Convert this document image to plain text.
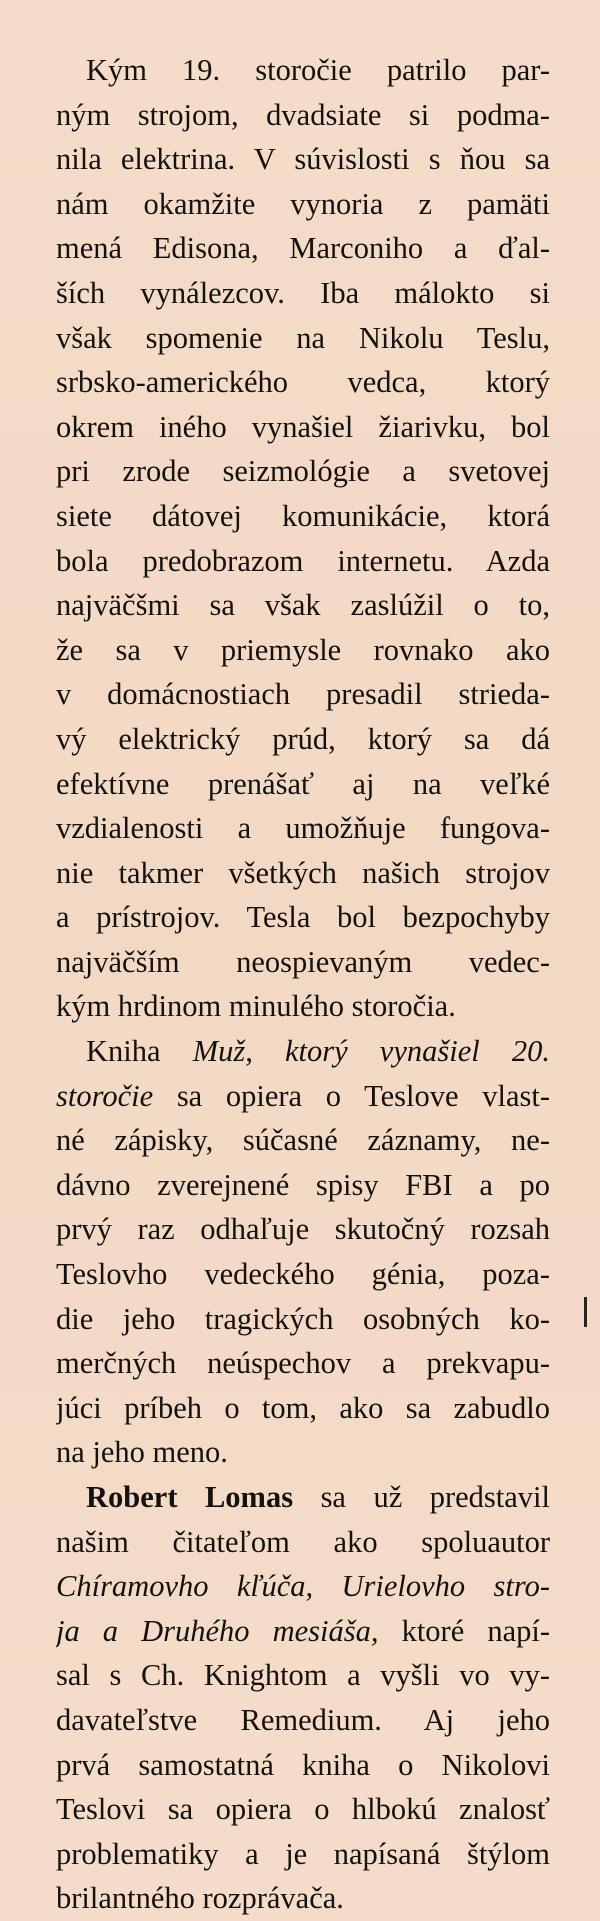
Kým 19. storočie patrilo par-
ným strojom, dvadsiate si podma-
nila elektrina. V súvislosti s ňou sa
nám okamžite vynoria z pamäti
mená Edisona, Marconiho a ďal-
ších vynálezcov. Iba málokto si
však spomenie na Nikolu Teslu,
srbsko-amerického vedca, ktorý
okrem iného vynašiel žiarivku, bol
pri zrode seizmológie a svetovej
siete dátovej komunikácie, ktorá
bola predobrazom internetu. Azda
najväčšmi sa však zaslúžil o to,
že sa v priemysle rovnako ako
v domácnostiach presadil strieda-
vý elektrický prúd, ktorý sa dá
efektívne prenášať aj na veľké
vzdialenosti a umožňuje fungova-
nie takmer všetkých našich strojov
a prístrojov. Tesla bol bezpochyby
najväčším neospievaným vedec-
kým hrdinom minulého storočia.
Kniha Muž, ktorý vynašiel 20.
storočie sa opiera o Teslove vlast-
né zápisky, súčasné záznamy, ne-
dávno zverejnené spisy FBI a po
prvý raz odhaľuje skutočný rozsah
Teslovho vedeckého génia, poza-
die jeho tragických osobných ko-
merčných neúspechov a prekvapu-
júci príbeh o tom, ako sa zabudlo
na jeho meno.
Robert Lomas sa už predstavil
našim čitateľom ako spoluautor
Chíramovho kľúča, Urielovho stro-
ja a Druhého mesiáša, ktoré napí-
sal s Ch. Knightom a vyšli vo vy-
davateľstve Remedium. Aj jeho
prvá samostatná kniha o Nikolovi
Teslovi sa opiera o hlbokú znalosť
problematiky a je napísaná štýlom
brilantného rozprávača.
